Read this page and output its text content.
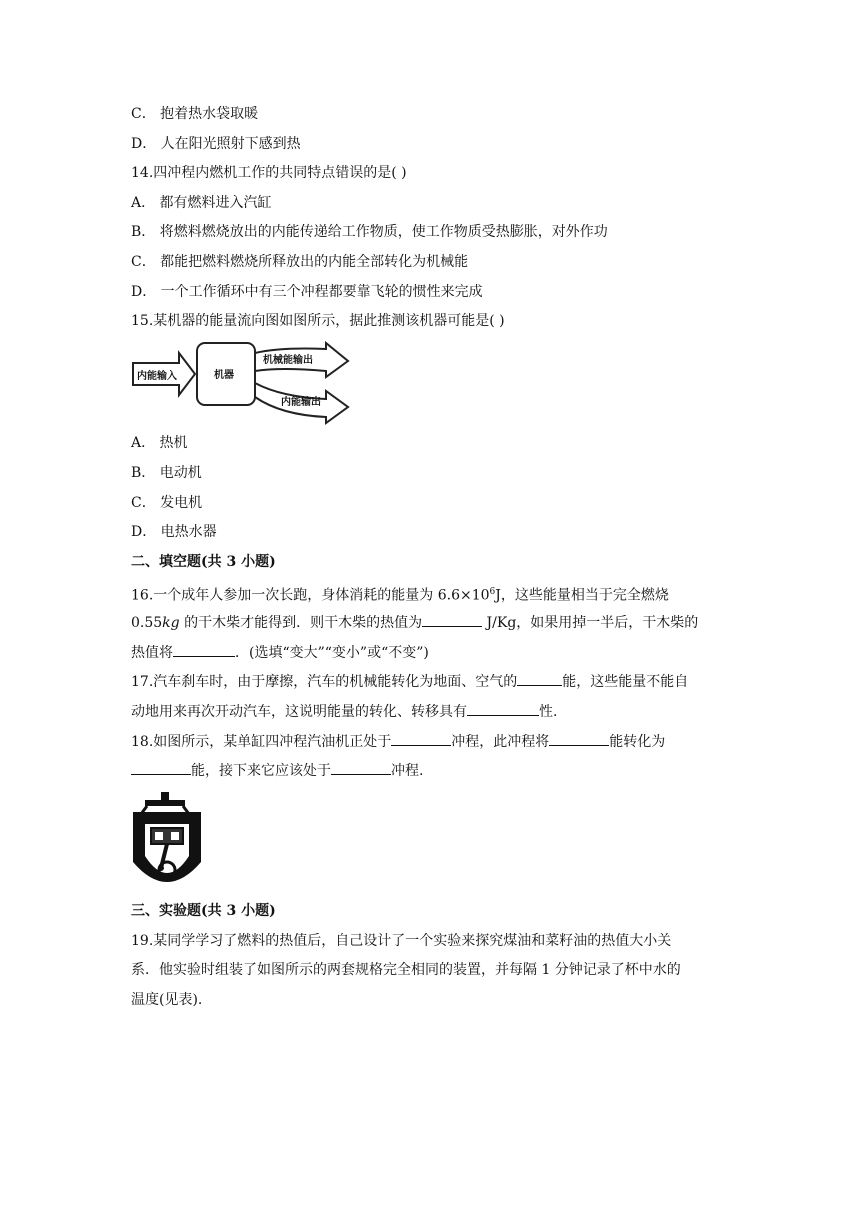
C． 抱着热水袋取暖
D． 人在阳光照射下感到热
14.四冲程内燃机工作的共同特点错误的是( )
A． 都有燃料进入汽缸
B． 将燃料燃烧放出的内能传递给工作物质，使工作物质受热膨胀，对外作功
C． 都能把燃料燃烧所释放出的内能全部转化为机械能
D． 一个工作循环中有三个冲程都要靠飞轮的惯性来完成
15.某机器的能量流向图如图所示，据此推测该机器可能是( )
内能输入	机器
机械能输出
内能输出
A． 热机
B． 电动机
C． 发电机
D． 电热水器
二、填空题(共 3 小题)
16.一个成年人参加一次长跑，身体消耗的能量为 $6.6\times 10^6J$，这些能量相当于完全燃烧
0.55kg 的干木柴才能得到．则干木柴的热值为	J/Kg，如果用掉一半后，干木柴的
热值将	．(选填“变大”“变小”或“不变”)
17.汽车刹车时，由于摩擦，汽车的机械能转化为地面、空气的	能，这些能量不能自
动地用来再次开动汽车，这说明能量的转化、转移具有	性.
18.如图所示，某单缸四冲程汽油机正处于	冲程，此冲程将	能转化为
能，接下来它应该处于	冲程.
三、实验题(共 3 小题)
19.某同学学习了燃料的热值后，自己设计了一个实验来探究煤油和菜籽油的热值大小关
系．他实验时组装了如图所示的两套规格完全相同的装置，并每隔 1 分钟记录了杯中水的
温度(见表).
